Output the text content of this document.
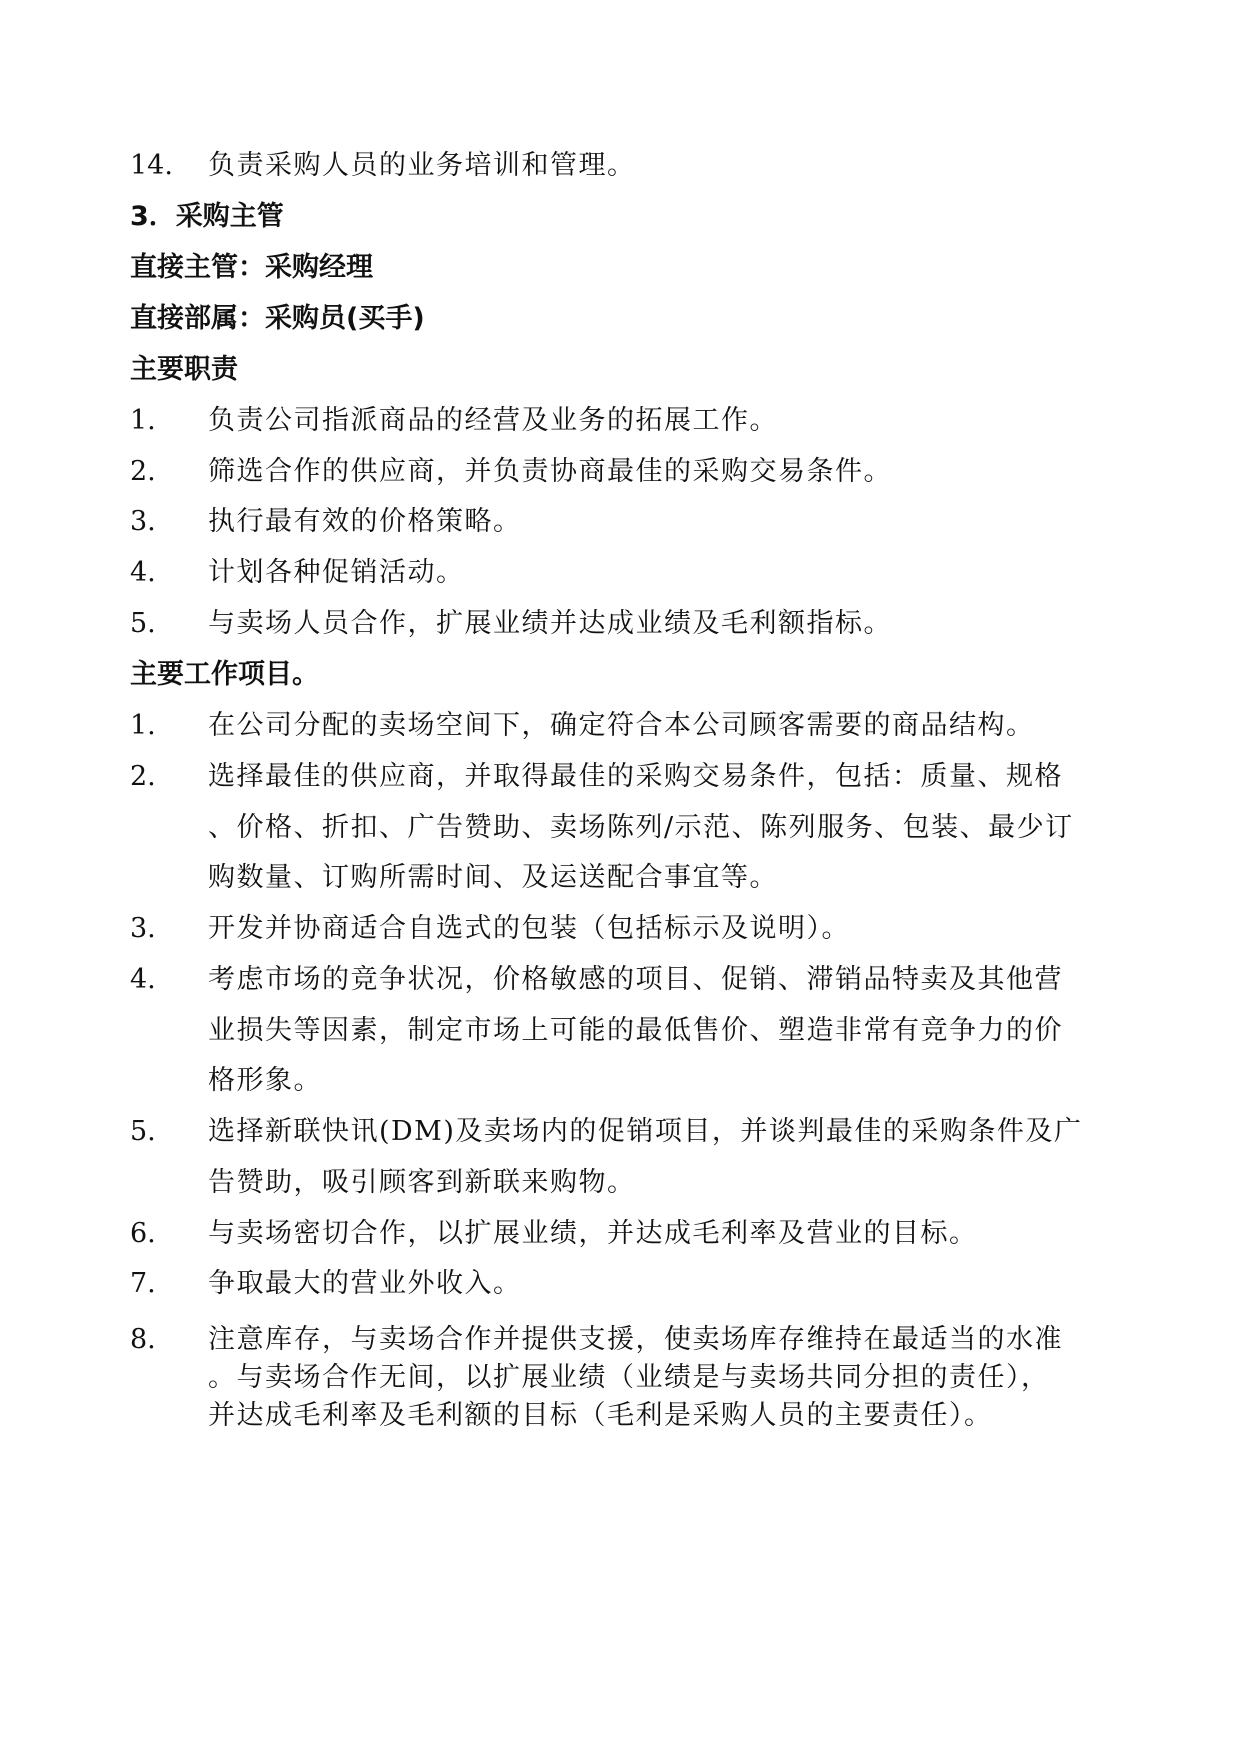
14. 负责采购人员的业务培训和管理。
3．采购主管
直接主管：采购经理
直接部属：采购员(买手)
主要职责
1. 负责公司指派商品的经营及业务的拓展工作。
2. 筛选合作的供应商，并负责协商最佳的采购交易条件。
3. 执行最有效的价格策略。
4. 计划各种促销活动。
5. 与卖场人员合作，扩展业绩并达成业绩及毛利额指标。
主要工作项目。
1. 在公司分配的卖场空间下，确定符合本公司顾客需要的商品结构。
2. 选择最佳的供应商，并取得最佳的采购交易条件，包括：质量、规格
、价格、折扣、广告赞助、卖场陈列/示范、陈列服务、包装、最少订
购数量、订购所需时间、及运送配合事宜等。
3. 开发并协商适合自选式的包装（包括标示及说明）。
4. 考虑市场的竞争状况，价格敏感的项目、促销、滞销品特卖及其他营
业损失等因素，制定市场上可能的最低售价、塑造非常有竞争力的价
格形象。
5. 选择新联快讯(DM)及卖场内的促销项目，并谈判最佳的采购条件及广
告赞助，吸引顾客到新联来购物。
6. 与卖场密切合作，以扩展业绩，并达成毛利率及营业的目标。
7. 争取最大的营业外收入。
8. 注意库存，与卖场合作并提供支援，使卖场库存维持在最适当的水准
。与卖场合作无间，以扩展业绩（业绩是与卖场共同分担的责任），
并达成毛利率及毛利额的目标（毛利是采购人员的主要责任）。
